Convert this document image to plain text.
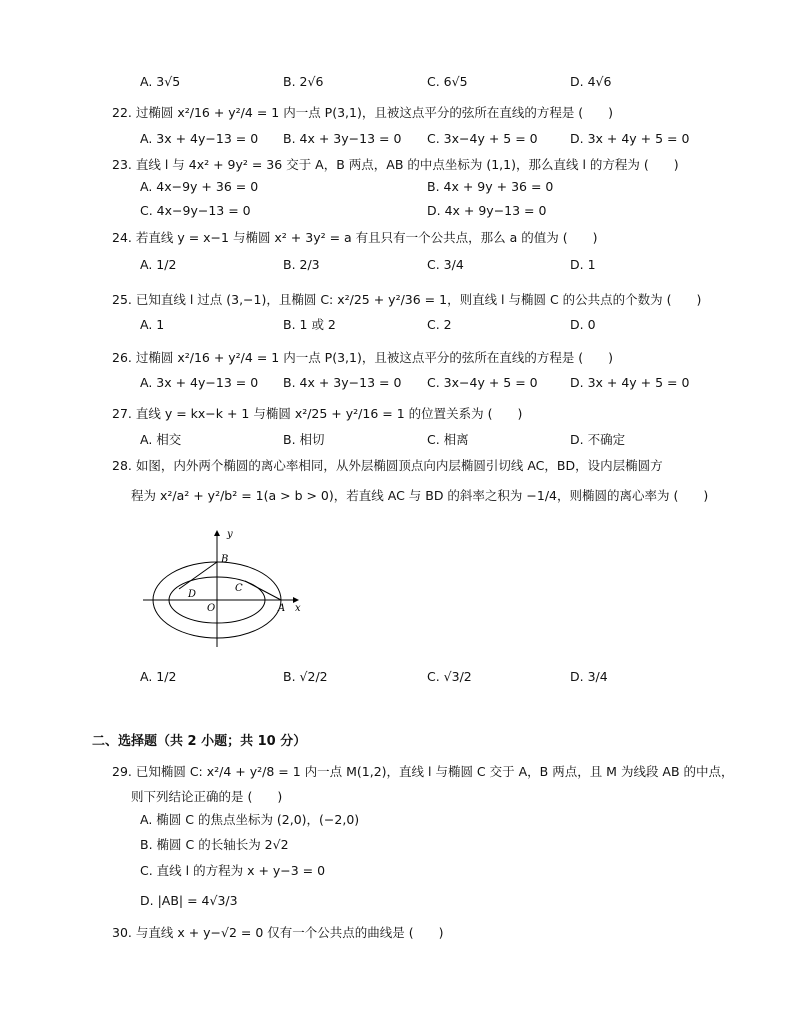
A. 3√5	B. 2√6	C. 6√5	D. 4√6
22. 过椭圆 x²/16 + y²/4 = 1 内一点 P(3,1)，且被这点平分的弦所在直线的方程是 (　　)
A. 3x + 4y−13 = 0 B. 4x + 3y−13 = 0 C. 3x−4y + 5 = 0	D. 3x + 4y + 5 = 0
23. 直线 l 与 4x² + 9y² = 36 交于 A，B 两点，AB 的中点坐标为 (1,1)，那么直线 l 的方程为 (　　)
A. 4x−9y + 36 = 0	B. 4x + 9y + 36 = 0
C. 4x−9y−13 = 0	D. 4x + 9y−13 = 0
24. 若直线 y = x−1 与椭圆 x² + 3y² = a 有且只有一个公共点，那么 a 的值为 (　　)
A. 1/2	B. 2/3	C. 3/4	D. 1
25. 已知直线 l 过点 (3,−1)，且椭圆 C: x²/25 + y²/36 = 1，则直线 l 与椭圆 C 的公共点的个数为 (　　)
A. 1	B. 1 或 2	C. 2	D. 0
26. 过椭圆 x²/16 + y²/4 = 1 内一点 P(3,1)，且被这点平分的弦所在直线的方程是 (　　)
A. 3x + 4y−13 = 0 B. 4x + 3y−13 = 0 C. 3x−4y + 5 = 0	D. 3x + 4y + 5 = 0
27. 直线 y = kx−k + 1 与椭圆 x²/25 + y²/16 = 1 的位置关系为 (　　)
A. 相交	B. 相切	C. 相离	D. 不确定
28. 如图，内外两个椭圆的离心率相同，从外层椭圆顶点向内层椭圆引切线 AC，BD，设内层椭圆方
程为 x²/a² + y²/b² = 1(a > b > 0)，若直线 AC 与 BD 的斜率之积为 −1/4，则椭圆的离心率为 (　　)
y
x
B
D
C
O	A
A. 1/2	B. √2/2	C. √3/2	D. 3/4
二、选择题（共 2 小题；共 10 分）
29. 已知椭圆 C: x²/4 + y²/8 = 1 内一点 M(1,2)，直线 l 与椭圆 C 交于 A，B 两点，且 M 为线段 AB 的中点，
则下列结论正确的是 (　　)
A. 椭圆 C 的焦点坐标为 (2,0)，(−2,0)
B. 椭圆 C 的长轴长为 2√2
C. 直线 l 的方程为 x + y−3 = 0
D. |AB| = 4√3/3
30. 与直线 x + y−√2 = 0 仅有一个公共点的曲线是 (　　)
